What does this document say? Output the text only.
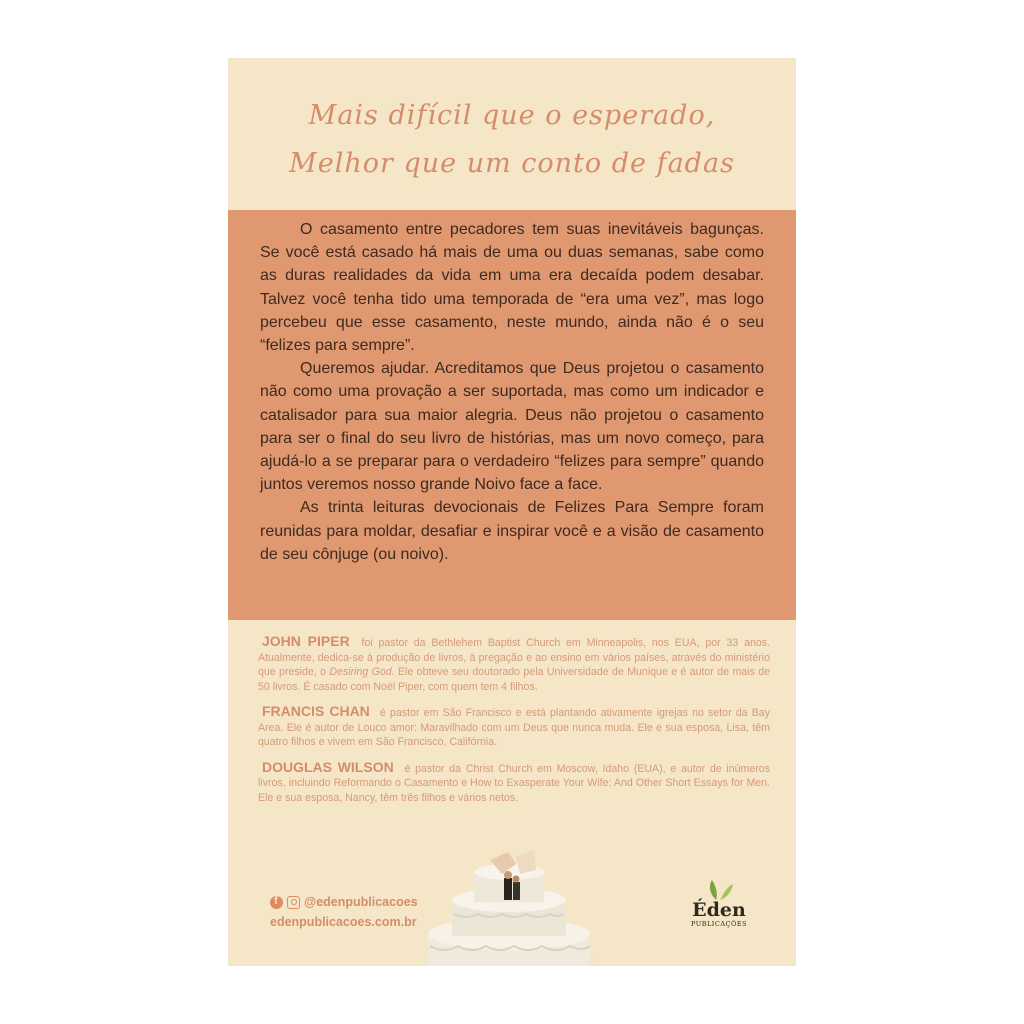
Mais difícil que o esperado,
Melhor que um conto de fadas

O casamento entre pecadores tem suas inevitáveis bagunças. Se você está casado há mais de uma ou duas semanas, sabe como as duras realidades da vida em uma era decaída podem desabar. Talvez você tenha tido uma temporada de “era uma vez”, mas logo percebeu que esse casamento, neste mundo, ainda não é o seu “felizes para sempre”.

Queremos ajudar. Acreditamos que Deus projetou o casamento não como uma provação a ser suportada, mas como um indicador e catalisador para sua maior alegria. Deus não projetou o casamento para ser o final do seu livro de histórias, mas um novo começo, para ajudá-lo a se preparar para o verdadeiro “felizes para sempre” quando juntos veremos nosso grande Noivo face a face.

As trinta leituras devocionais de Felizes Para Sempre foram reunidas para moldar, desafiar e inspirar você e a visão de casamento de seu cônjuge (ou noivo).

JOHN PIPER foi pastor da Bethlehem Baptist Church em Minneapolis, nos EUA, por 33 anos. Atualmente, dedica-se à produção de livros, à pregação e ao ensino em vários países, através do ministério que preside, o Desiring God. Ele obteve seu doutorado pela Universidade de Munique e é autor de mais de 50 livros. É casado com Noël Piper, com quem tem 4 filhos.

FRANCIS CHAN é pastor em São Francisco e está plantando ativamente igrejas no setor da Bay Area. Ele é autor de Louco amor: Maravilhado com um Deus que nunca muda. Ele e sua esposa, Lisa, têm quatro filhos e vivem em São Francisco, Califórnia.

DOUGLAS WILSON é pastor da Christ Church em Moscow, Idaho (EUA), e autor de inúmeros livros, incluindo Reformando o Casamento e How to Exasperate Your Wife: And Other Short Essays for Men. Ele e sua esposa, Nancy, têm três filhos e vários netos.

f
@edenpublicacoes
edenpublicacoes.com.br
Éden
PUBLICAÇÕES
